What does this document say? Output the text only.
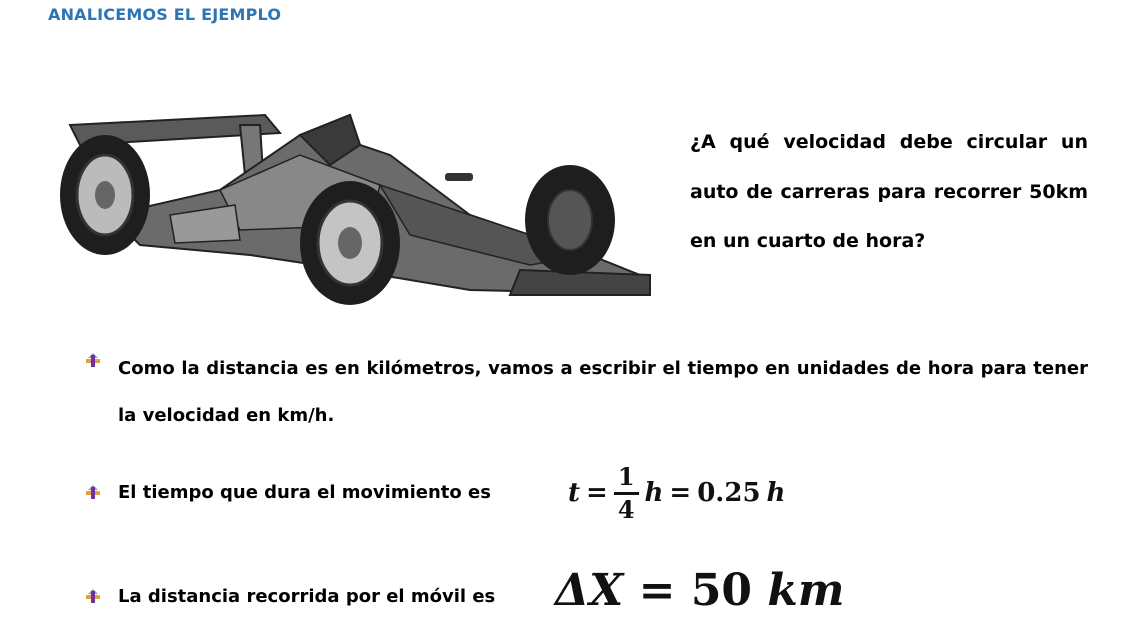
ANALICEMOS EL EJEMPLO
¿A qué velocidad debe circular un auto de carreras para recorrer 50km en un cuarto de hora?
Como la distancia es en kilómetros, vamos a escribir el tiempo en unidades de hora para tener la velocidad en km/h.
El tiempo que dura el movimiento es	$t = \frac{1}{4}$ h = 0.25 h
La distancia recorrida por el móvil es ΔX = 50 km
